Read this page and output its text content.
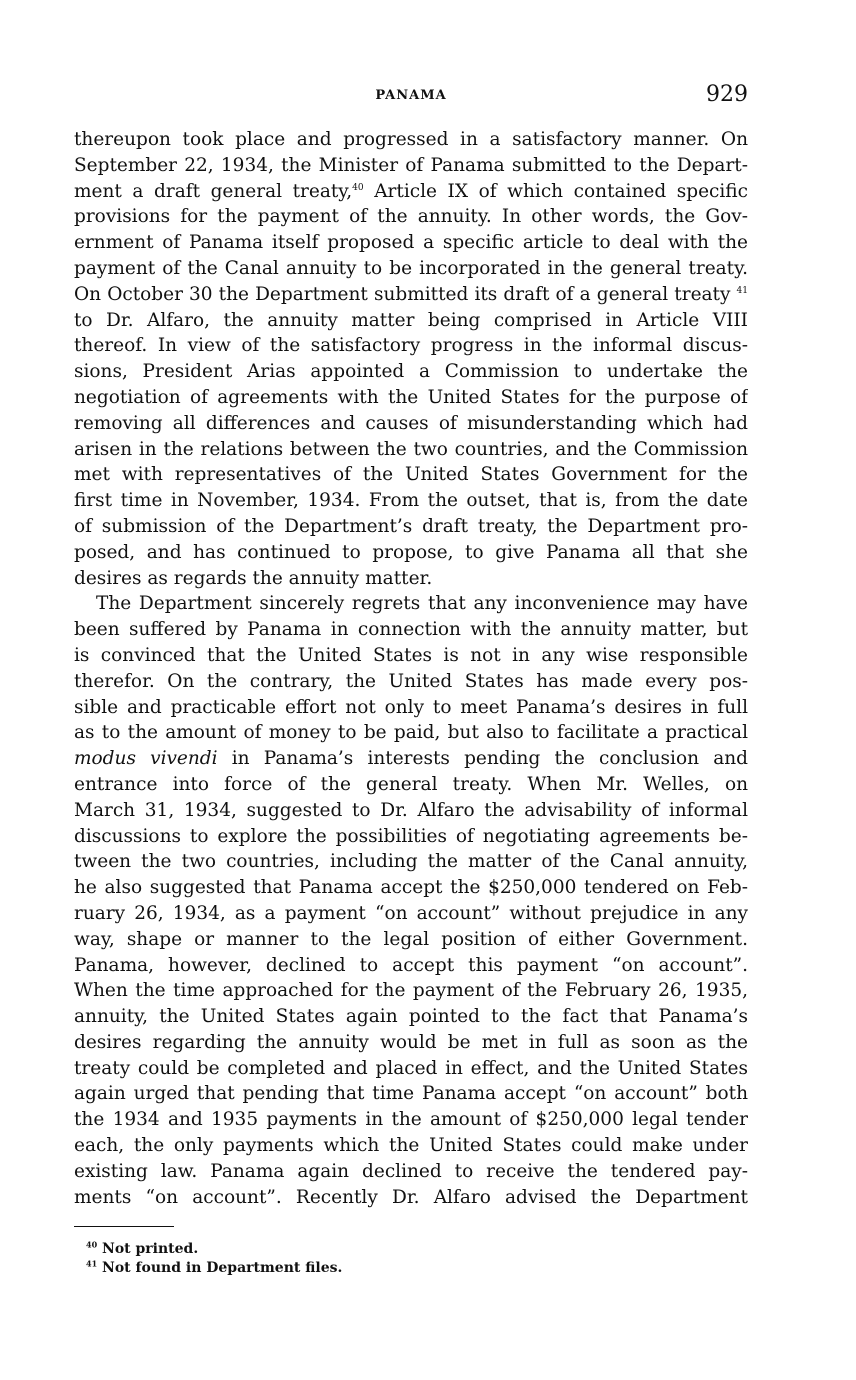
PANAMA	929
thereupon took place and progressed in a satisfactory manner. On
September 22, 1934, the Minister of Panama submitted to the Depart-
ment a draft general treaty,$^{40}$ Article IX of which contained specific
provisions for the payment of the annuity. In other words, the Gov-
ernment of Panama itself proposed a specific article to deal with the
payment of the Canal annuity to be incorporated in the general treaty.
On October 30 the Department submitted its draft of a general treaty $^{41}$
to Dr. Alfaro, the annuity matter being comprised in Article VIII
thereof. In view of the satisfactory progress in the informal discus-
sions, President Arias appointed a Commission to undertake the
negotiation of agreements with the United States for the purpose of
removing all differences and causes of misunderstanding which had
arisen in the relations between the two countries, and the Commission
met with representatives of the United States Government for the
first time in November, 1934. From the outset, that is, from the date
of submission of the Department’s draft treaty, the Department pro-
posed, and has continued to propose, to give Panama all that she
desires as regards the annuity matter.
The Department sincerely regrets that any inconvenience may have
been suffered by Panama in connection with the annuity matter, but
is convinced that the United States is not in any wise responsible
therefor. On the contrary, the United States has made every pos-
sible and practicable effort not only to meet Panama’s desires in full
as to the amount of money to be paid, but also to facilitate a practical
modus vivendi in Panama’s interests pending the conclusion and
entrance into force of the general treaty. When Mr. Welles, on
March 31, 1934, suggested to Dr. Alfaro the advisability of informal
discussions to explore the possibilities of negotiating agreements be-
tween the two countries, including the matter of the Canal annuity,
he also suggested that Panama accept the $250,000 tendered on Feb-
ruary 26, 1934, as a payment “on account” without prejudice in any
way, shape or manner to the legal position of either Government.
Panama, however, declined to accept this payment “on account”.
When the time approached for the payment of the February 26, 1935,
annuity, the United States again pointed to the fact that Panama’s
desires regarding the annuity would be met in full as soon as the
treaty could be completed and placed in effect, and the United States
again urged that pending that time Panama accept “on account” both
the 1934 and 1935 payments in the amount of $250,000 legal tender
each, the only payments which the United States could make under
existing law. Panama again declined to receive the tendered pay-
ments “on account”. Recently Dr. Alfaro advised the Department
$^{40}$ Not printed.
$^{41}$ Not found in Department files.
